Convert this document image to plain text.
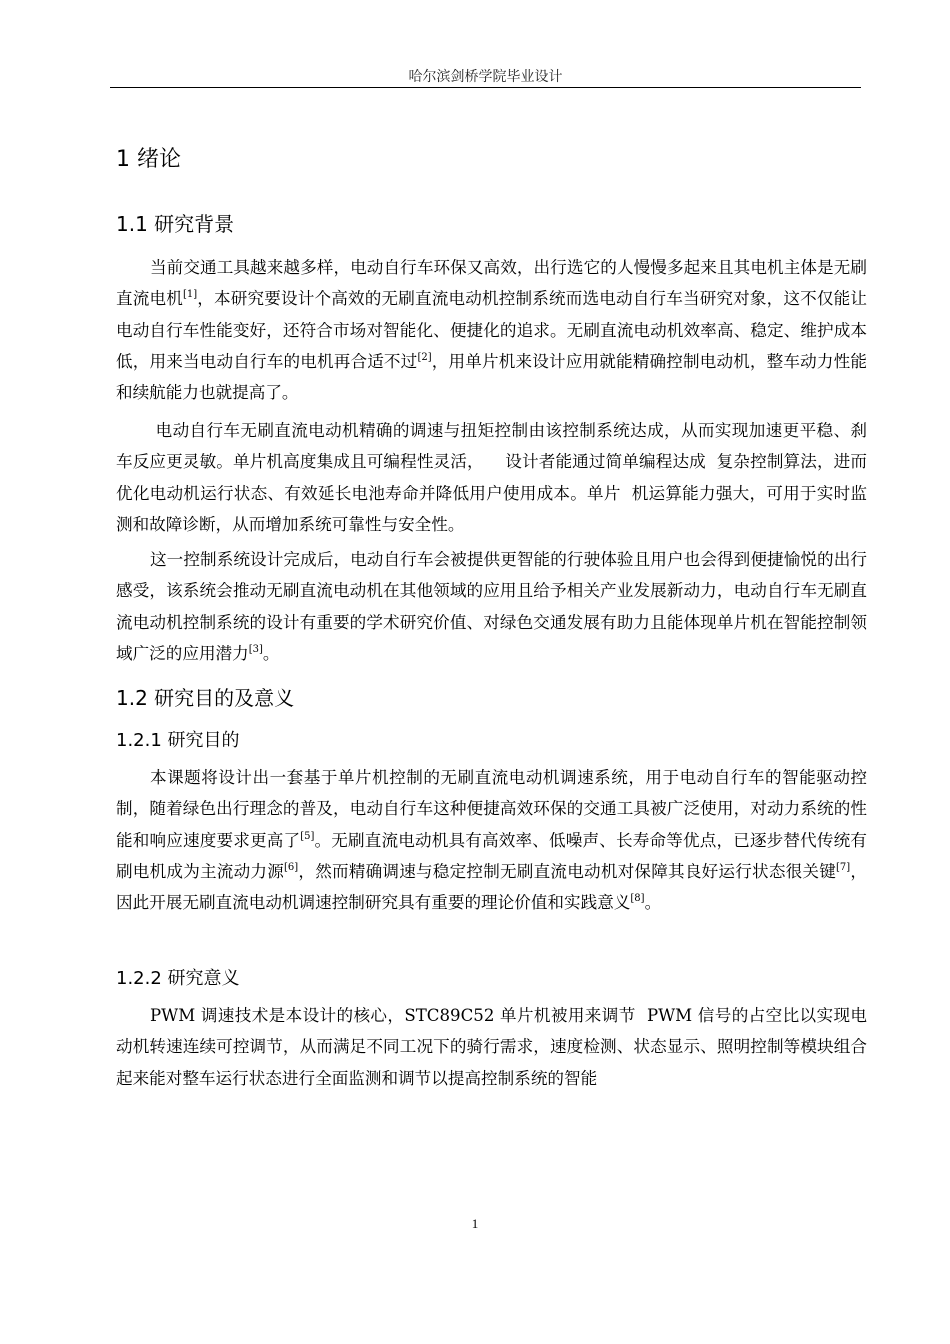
哈尔滨剑桥学院毕业设计
1 绪论
1.1 研究背景

当前交通工具越来越多样，电动自行车环保又高效，出行选它的人慢慢多起来且其电机主体是无刷直流电机[1]，本研究要设计个高效的无刷直流电动机控制系统而选电动自行车当研究对象，这不仅能让电动自行车性能变好，还符合市场对智能化、便捷化的追求。无刷直流电动机效率高、稳定、维护成本低，用来当电动自行车的电机再合适不过[2]，用单片机来设计应用就能精确控制电动机，整车动力性能和续航能力也就提高了。

电动自行车无刷直流电动机精确的调速与扭矩控制由该控制系统达成，从而实现加速更平稳、刹车反应更灵敏。单片机高度集成且可编程性灵活，    设计者能通过简单编程达成  复杂控制算法，进而优化电动机运行状态、有效延长电池寿命并降低用户使用成本。单片  机运算能力强大，可用于实时监测和故障诊断，从而增加系统可靠性与安全性。

这一控制系统设计完成后，电动自行车会被提供更智能的行驶体验且用户也会得到便捷愉悦的出行感受，该系统会推动无刷直流电动机在其他领域的应用且给予相关产业发展新动力，电动自行车无刷直流电动机控制系统的设计有重要的学术研究价值、对绿色交通发展有助力且能体现单片机在智能控制领域广泛的应用潜力[3]。

1.2 研究目的及意义
1.2.1 研究目的

本课题将设计出一套基于单片机控制的无刷直流电动机调速系统，用于电动自行车的智能驱动控制，随着绿色出行理念的普及，电动自行车这种便捷高效环保的交通工具被广泛使用，对动力系统的性能和响应速度要求更高了[5]。无刷直流电动机具有高效率、低噪声、长寿命等优点，已逐步替代传统有刷电机成为主流动力源[6]，然而精确调速与稳定控制无刷直流电动机对保障其良好运行状态很关键[7]，因此开展无刷直流电动机调速控制研究具有重要的理论价值和实践意义[8]。

1.2.2 研究意义

PWM 调速技术是本设计的核心，STC89C52 单片机被用来调节  PWM 信号的占空比以实现电动机转速连续可控调节，从而满足不同工况下的骑行需求，速度检测、状态显示、照明控制等模块组合起来能对整车运行状态进行全面监测和调节以提高控制系统的智能

1
